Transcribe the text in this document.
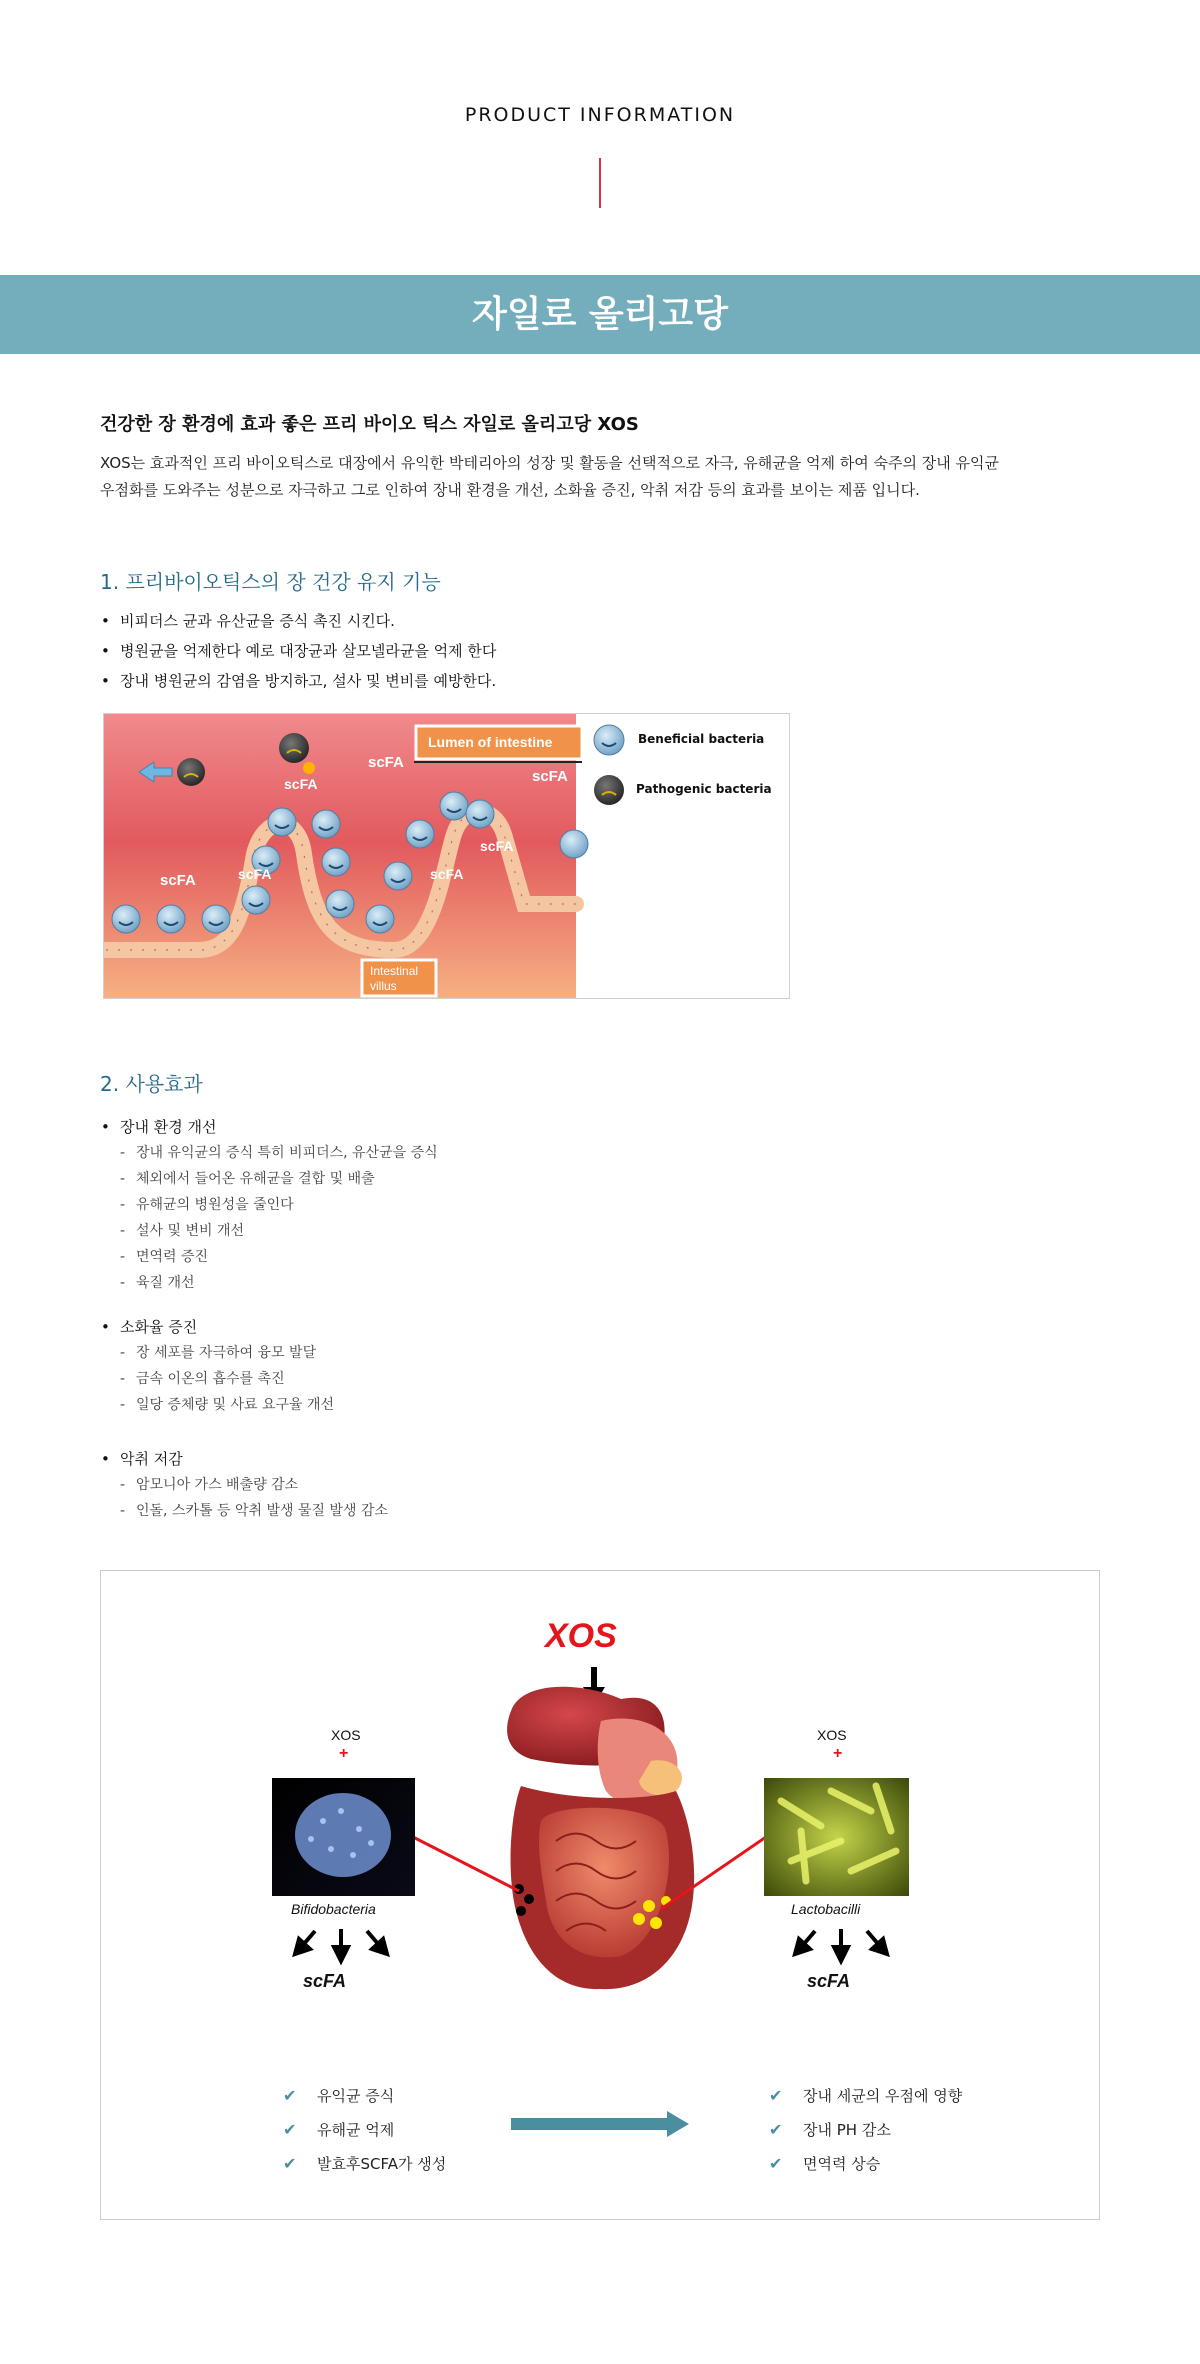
PRODUCT INFORMATION
자일로 올리고당
건강한 장 환경에 효과 좋은 프리 바이오 틱스 자일로 올리고당 XOS
XOS는 효과적인 프리 바이오틱스로 대장에서 유익한 박테리아의 성장 및 활동을 선택적으로 자극, 유해균을 억제 하여 숙주의 장내 유익균
우점화를 도와주는 성분으로 자극하고 그로 인하여 장내 환경을 개선, 소화율 증진, 악취 저감 등의 효과를 보이는 제품 입니다.
1. 프리바이오틱스의 장 건강 유지 기능
• 비피더스 균과 유산균을 증식 촉진 시킨다.
• 병원균을 억제한다 예로 대장균과 살모넬라균을 억제 한다
• 장내 병원균의 감염을 방지하고, 설사 및 변비를 예방한다.
Lumen of intestine
Intestinal villus
scFA
scFA	scFA
scFA	scFA	scFA
scFA
Beneficial bacteria
Pathogenic bacteria
2. 사용효과
• 장내 환경 개선
- 장내 유익균의 증식 특히 비피더스, 유산균을 증식
- 체외에서 들어온 유해균을 결합 및 배출
- 유해균의 병원성을 줄인다
- 설사 및 변비 개선
- 면역력 증진
- 육질 개선
• 소화율 증진
- 장 세포를 자극하여 융모 발달
- 금속 이온의 흡수를 촉진
- 일당 증체량 및 사료 요구율 개선
• 악취 저감
- 암모니아 가스 배출량 감소
- 인돌, 스카톨 등 악취 발생 물질 발생 감소
XOS
XOS
+
XOS
+
Bifidobacteria	Lactobacilli
scFA	scFA
✔ 유익균 증식
✔ 유해균 억제
✔ 발효후SCFA가 생성
✔ 장내 세균의 우점에 영향
✔ 장내 PH 감소
✔ 면역력 상승
